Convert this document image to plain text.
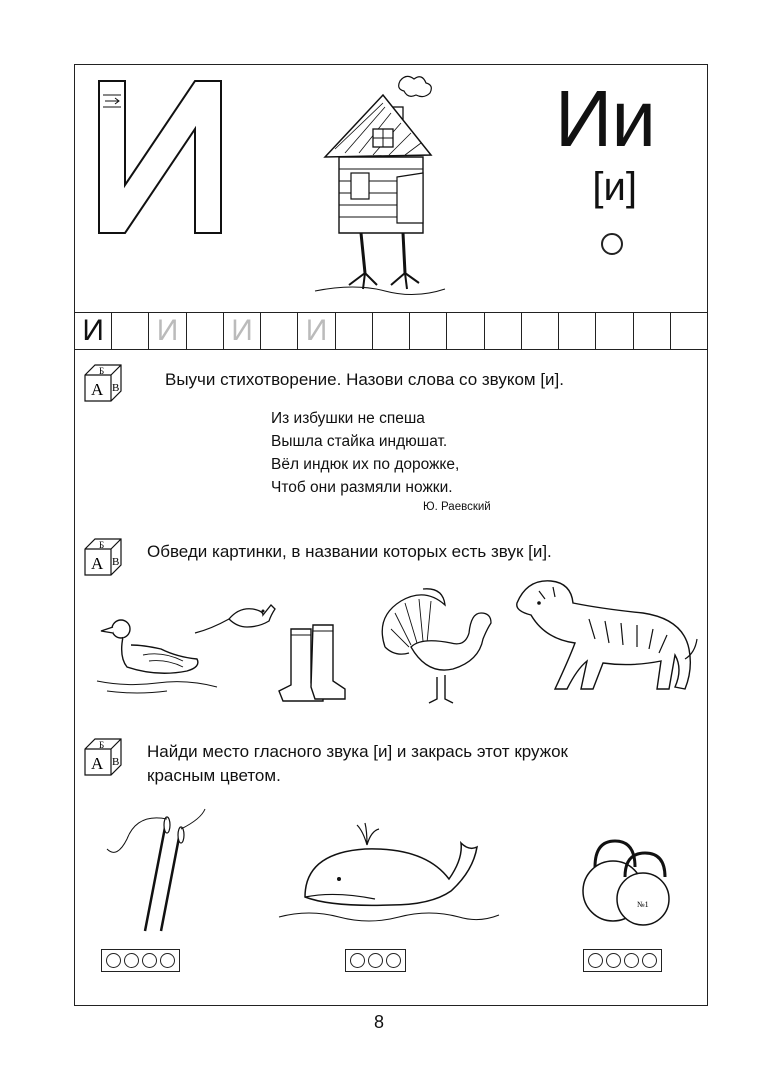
Ии
[и]
И И И И
А
Б
В	Выучи стихотворение. Назови слова со звуком [и].
Из избушки не спеша
Вышла стайка индюшат.
Вёл индюк их по дорожке,
Чтоб они размяли ножки.
Ю. Раевский
А
Б
В
Обведи картинки, в названии которых есть звук [и].
А
Б
В
Найди место гласного звука [и] и закрась этот кружок
красным цветом.
№1
8
